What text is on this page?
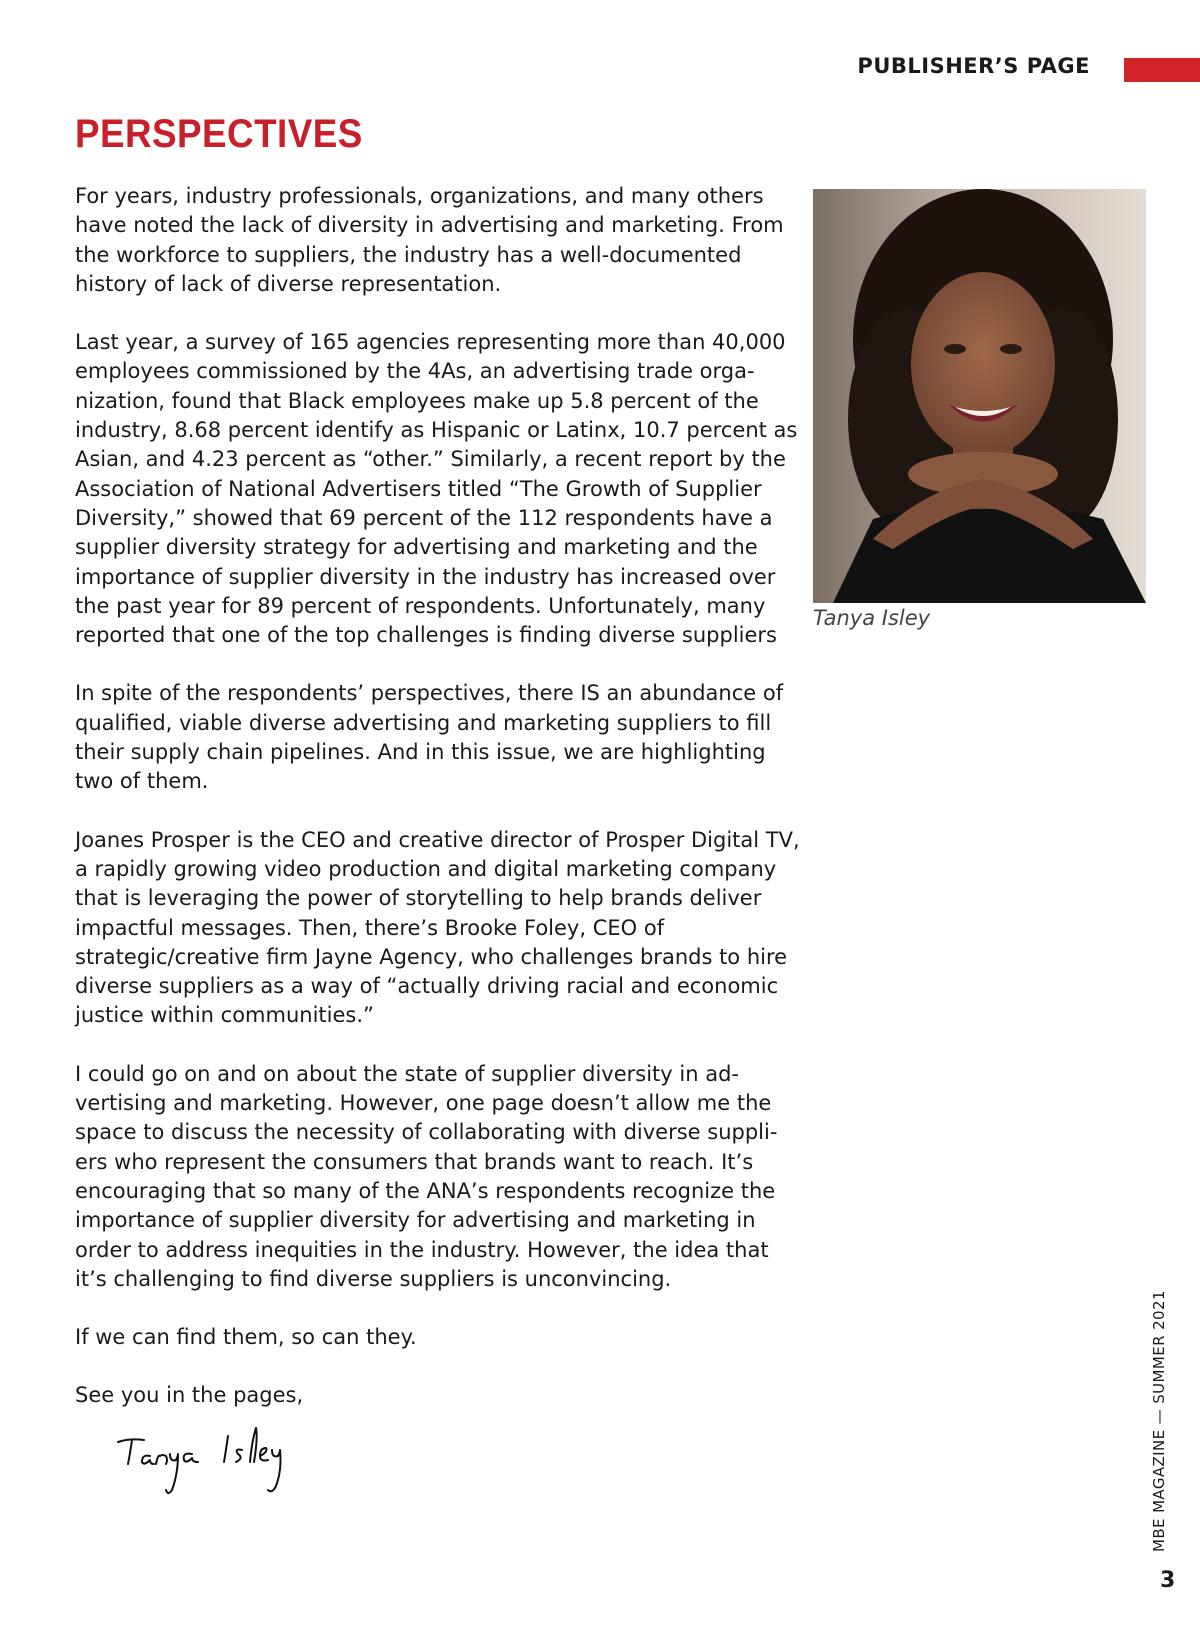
PUBLISHER’S PAGE
PERSPECTIVES

For years, industry professionals, organizations, and many others have noted the lack of diversity in advertising and marketing. From the workforce to suppliers, the industry has a well-documented history of lack of diverse representation.

Last year, a survey of 165 agencies representing more than 40,000 employees commissioned by the 4As, an advertising trade orga-nization, found that Black employees make up 5.8 percent of the industry, 8.68 percent identify as Hispanic or Latinx, 10.7 percent as Asian, and 4.23 percent as “other.” Similarly, a recent report by the Association of National Advertisers titled “The Growth of Supplier Diversity,” showed that 69 percent of the 112 respondents have a supplier diversity strategy for advertising and marketing and the importance of supplier diversity in the industry has increased over the past year for 89 percent of respondents. Unfortunately, many reported that one of the top challenges is finding diverse suppliers

In spite of the respondents’ perspectives, there IS an abundance of qualified, viable diverse advertising and marketing suppliers to fill their supply chain pipelines. And in this issue, we are highlighting two of them.

Joanes Prosper is the CEO and creative director of Prosper Digital TV, a rapidly growing video production and digital marketing company that is leveraging the power of storytelling to help brands deliver impactful messages. Then, there’s Brooke Foley, CEO of strategic/creative firm Jayne Agency, who challenges brands to hire diverse suppliers as a way of “actually driving racial and economic justice within communities.”

I could go on and on about the state of supplier diversity in ad-vertising and marketing. However, one page doesn’t allow me the space to discuss the necessity of collaborating with diverse suppli-ers who represent the consumers that brands want to reach. It’s encouraging that so many of the ANA’s respondents recognize the importance of supplier diversity for advertising and marketing in order to address inequities in the industry. However, the idea that it’s challenging to find diverse suppliers is unconvincing.

If we can find them, so can they.

See you in the pages,

Tanya Isley

MBE MAGAZINE — SUMMER 2021
3
